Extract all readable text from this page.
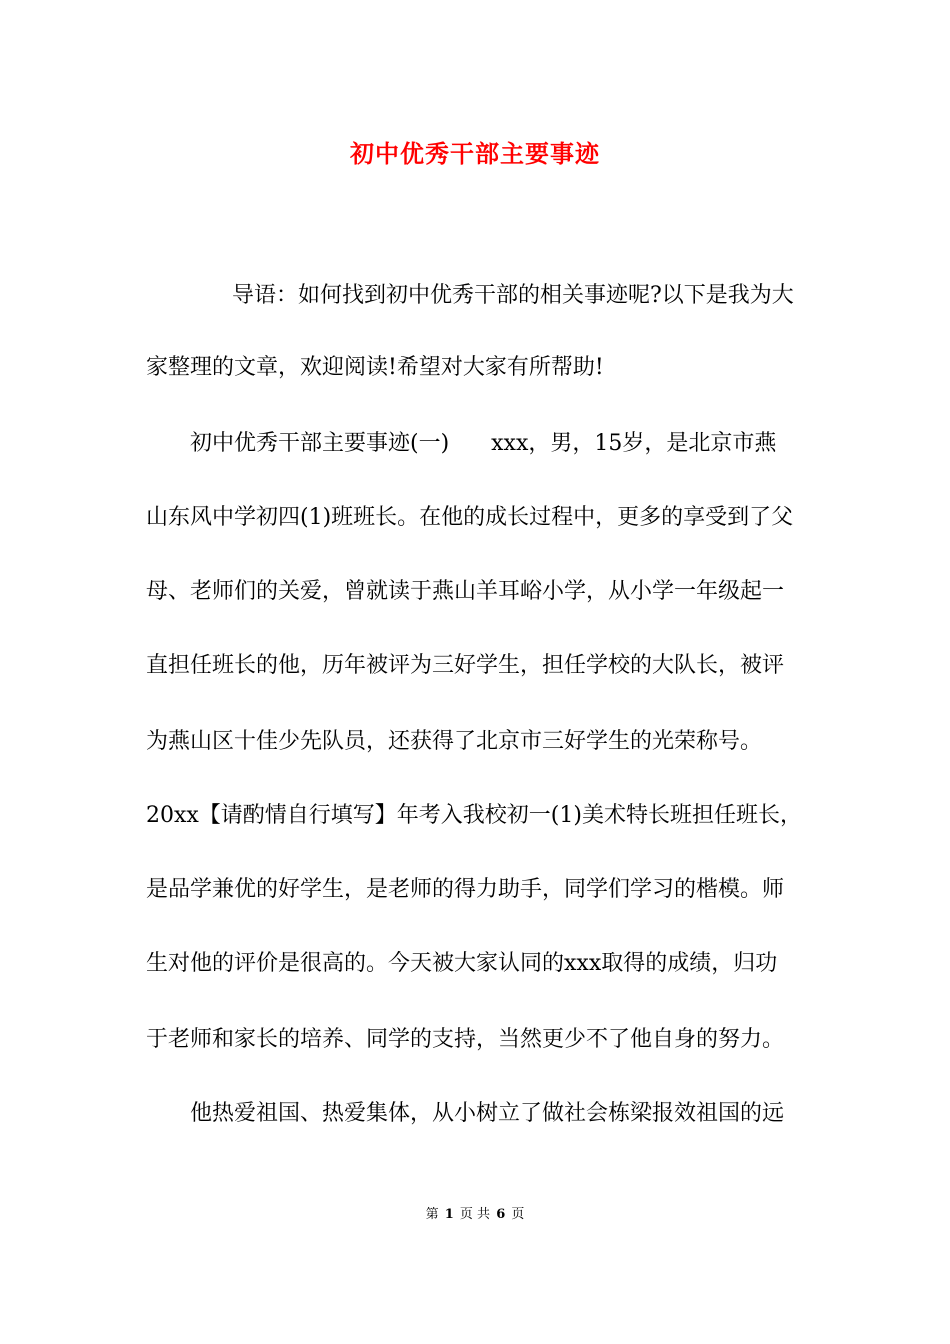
初中优秀干部主要事迹
导语：如何找到初中优秀干部的相关事迹呢?以下是我为大
家整理的文章，欢迎阅读!希望对大家有所帮助!
初中优秀干部主要事迹(一)      xxx，男，15岁，是北京市燕
山东风中学初四(1)班班长。在他的成长过程中，更多的享受到了父
母、老师们的关爱，曾就读于燕山羊耳峪小学，从小学一年级起一
直担任班长的他，历年被评为三好学生，担任学校的大队长，被评
为燕山区十佳少先队员，还获得了北京市三好学生的光荣称号。
20xx【请酌情自行填写】年考入我校初一(1)美术特长班担任班长，
是品学兼优的好学生，是老师的得力助手，同学们学习的楷模。师
生对他的评价是很高的。今天被大家认同的xxx取得的成绩，归功
于老师和家长的培养、同学的支持，当然更少不了他自身的努力。
他热爱祖国、热爱集体，从小树立了做社会栋梁报效祖国的远
第 1 页 共 6 页
